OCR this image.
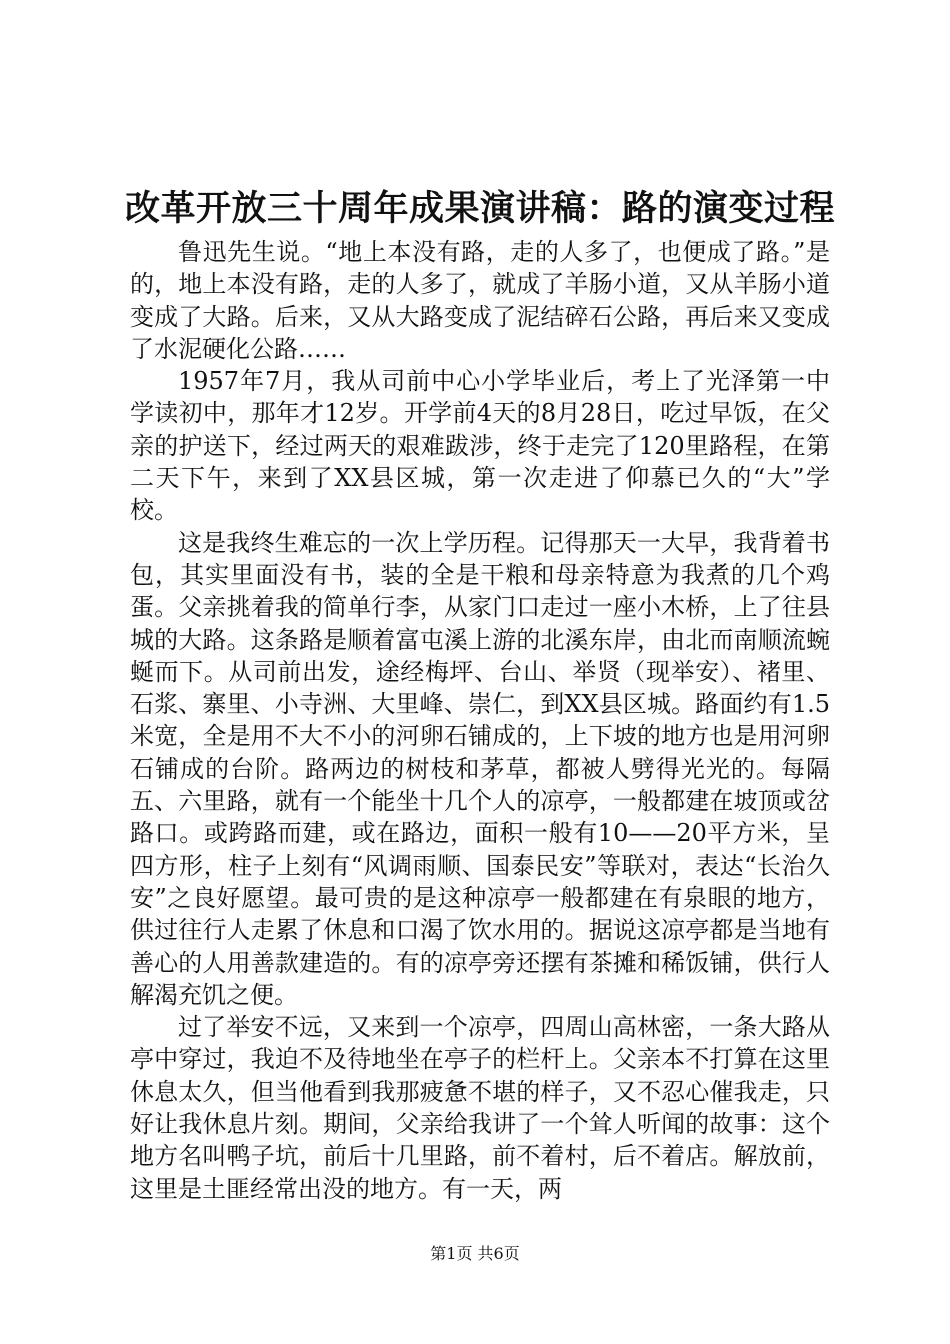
改革开放三十周年成果演讲稿：路的演变过程

鲁迅先生说。“地上本没有路，走的人多了，也便成了路。”是的，地上本没有路，走的人多了，就成了羊肠小道，又从羊肠小道变成了大路。后来，又从大路变成了泥结碎石公路，再后来又变成了水泥硬化公路……

1957年7月，我从司前中心小学毕业后，考上了光泽第一中学读初中，那年才12岁。开学前4天的8月28日，吃过早饭，在父亲的护送下，经过两天的艰难跋涉，终于走完了120里路程，在第二天下午，来到了XX县区城，第一次走进了仰慕已久的“大”学校。

这是我终生难忘的一次上学历程。记得那天一大早，我背着书包，其实里面没有书，装的全是干粮和母亲特意为我煮的几个鸡蛋。父亲挑着我的简单行李，从家门口走过一座小木桥，上了往县城的大路。这条路是顺着富屯溪上游的北溪东岸，由北而南顺流蜿蜒而下。从司前出发，途经梅坪、台山、举贤（现举安）、褚里、石浆、寨里、小寺洲、大里峰、崇仁，到XX县区城。路面约有1.5米宽，全是用不大不小的河卵石铺成的，上下坡的地方也是用河卵石铺成的台阶。路两边的树枝和茅草，都被人劈得光光的。每隔五、六里路，就有一个能坐十几个人的凉亭，一般都建在坡顶或岔路口。或跨路而建，或在路边，面积一般有10——20平方米，呈四方形，柱子上刻有“风调雨顺、国泰民安”等联对，表达“长治久安”之良好愿望。最可贵的是这种凉亭一般都建在有泉眼的地方，供过往行人走累了休息和口渴了饮水用的。据说这凉亭都是当地有善心的人用善款建造的。有的凉亭旁还摆有茶摊和稀饭铺，供行人解渴充饥之便。

过了举安不远，又来到一个凉亭，四周山高林密，一条大路从亭中穿过，我迫不及待地坐在亭子的栏杆上。父亲本不打算在这里休息太久，但当他看到我那疲惫不堪的样子，又不忍心催我走，只好让我休息片刻。期间，父亲给我讲了一个耸人听闻的故事：这个地方名叫鸭子坑，前后十几里路，前不着村，后不着店。解放前，这里是土匪经常出没的地方。有一天，两

第1页 共6页
